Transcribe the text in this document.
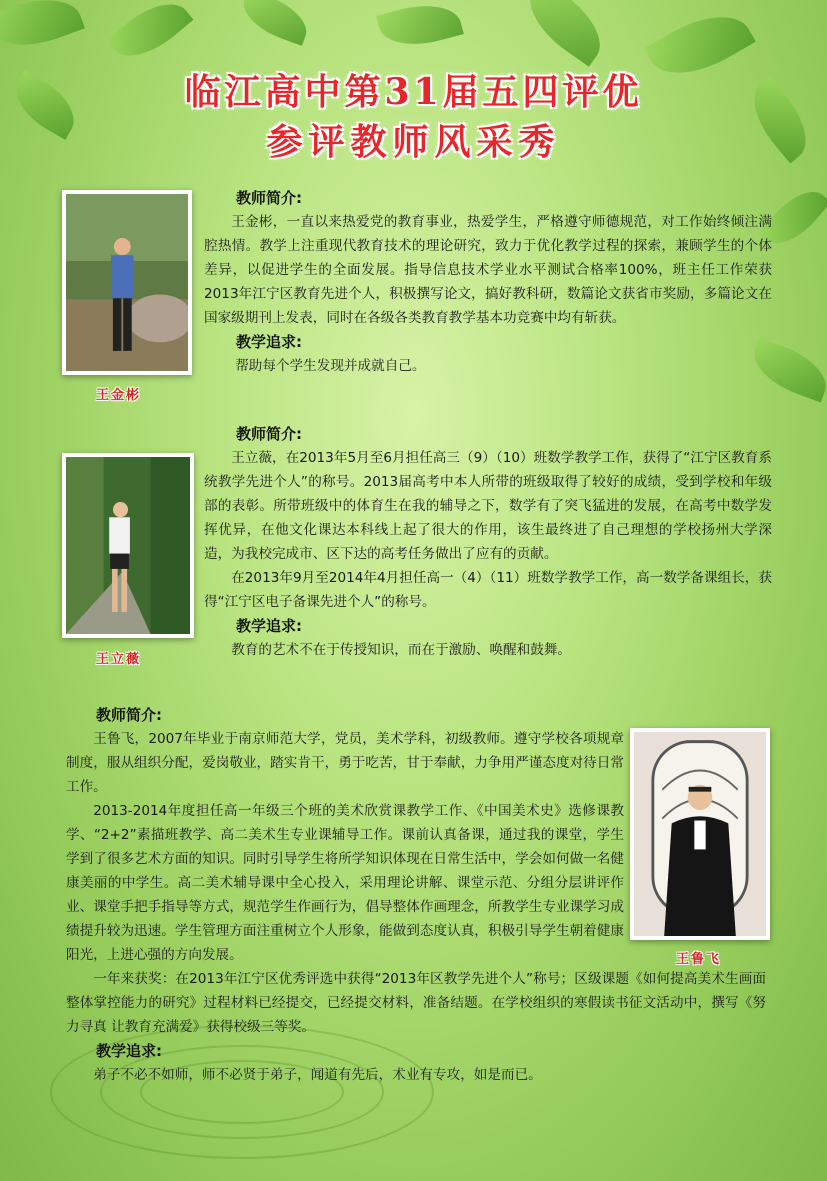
临江高中第31届五四评优
参评教师风采秀
王金彬
教师简介:

王金彬，一直以来热爱党的教育事业，热爱学生，严格遵守师德规范，对工作始终倾注满腔热情。教学上注重现代教育技术的理论研究，致力于优化教学过程的探索，兼顾学生的个体差异，以促进学生的全面发展。指导信息技术学业水平测试合格率100%，班主任工作荣获2013年江宁区教育先进个人，积极撰写论文，搞好教科研，数篇论文获省市奖励，多篇论文在国家级期刊上发表，同时在各级各类教育教学基本功竞赛中均有斩获。

教学追求:

帮助每个学生发现并成就自己。

王立薇
教师简介:

王立薇，在2013年5月至6月担任高三（9）（10）班数学教学工作，获得了“江宁区教育系统教学先进个人”的称号。2013届高考中本人所带的班级取得了较好的成绩，受到学校和年级部的表彰。所带班级中的体育生在我的辅导之下，数学有了突飞猛进的发展，在高考中数学发挥优异，在他文化课达本科线上起了很大的作用，该生最终进了自己理想的学校扬州大学深造，为我校完成市、区下达的高考任务做出了应有的贡献。

在2013年9月至2014年4月担任高一（4）（11）班数学教学工作，高一数学备课组长，获得“江宁区电子备课先进个人”的称号。

教学追求:

教育的艺术不在于传授知识，而在于激励、唤醒和鼓舞。

王鲁飞
教师简介:

王鲁飞，2007年毕业于南京师范大学，党员，美术学科，初级教师。遵守学校各项规章制度，服从组织分配，爱岗敬业，踏实肯干，勇于吃苦，甘于奉献，力争用严谨态度对待日常工作。

2013-2014年度担任高一年级三个班的美术欣赏课教学工作、《中国美术史》选修课教学、“2+2”素描班教学、高二美术生专业课辅导工作。课前认真备课，通过我的课堂，学生学到了很多艺术方面的知识。同时引导学生将所学知识体现在日常生活中，学会如何做一名健康美丽的中学生。高二美术辅导课中全心投入，采用理论讲解、课堂示范、分组分层讲评作业、课堂手把手指导等方式，规范学生作画行为，倡导整体作画理念，所教学生专业课学习成绩提升较为迅速。学生管理方面注重树立个人形象，能做到态度认真，积极引导学生朝着健康阳光，上进心强的方向发展。

一年来获奖：在2013年江宁区优秀评选中获得“2013年区教学先进个人”称号；区级课题《如何提高美术生画面整体掌控能力的研究》过程材料已经提交，已经提交材料，准备结题。在学校组织的寒假读书征文活动中，撰写《努力寻真 让教育充满爱》获得校级三等奖。

教学追求:

弟子不必不如师，师不必贤于弟子，闻道有先后，术业有专攻，如是而已。
